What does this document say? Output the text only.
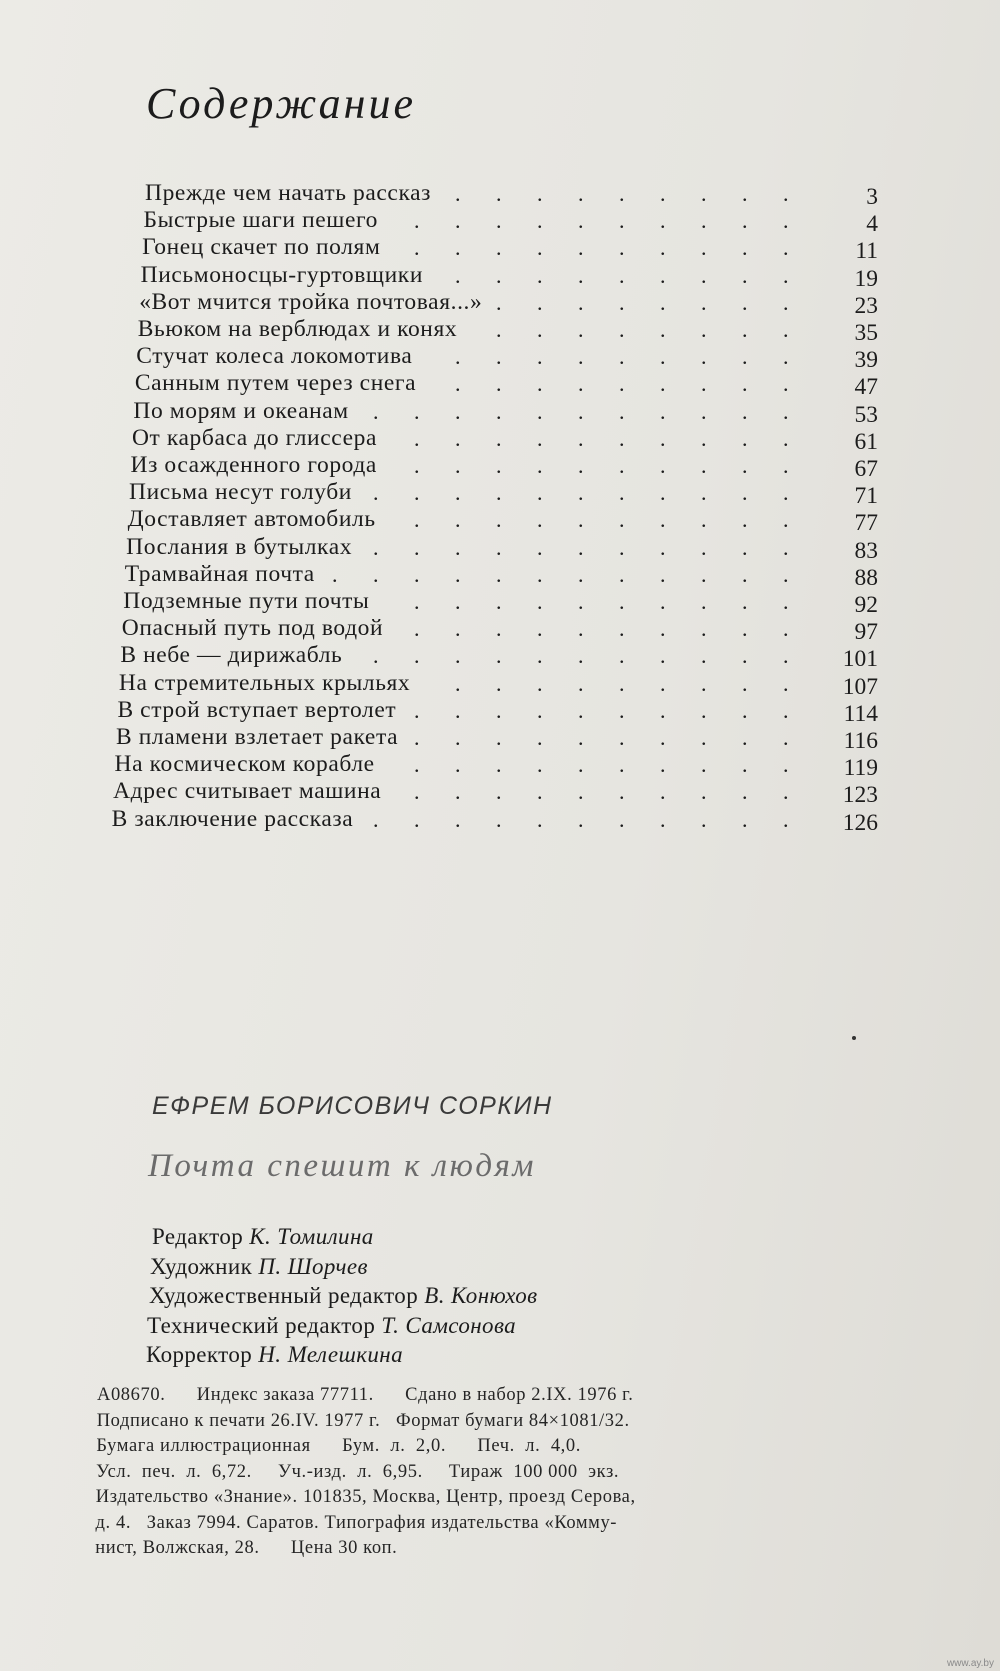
Содержание
Прежде чем начать рассказ . . . . . . . . .	3
Быстрые шаги пешего . . . . . . . . . .	4
Гонец скачет по полям . . . . . . . . . .	11
Письмоносцы-гуртовщики . . . . . . . . .	19
«Вот мчится тройка почтовая...» . . . . . . . .	23
Вьюком на верблюдах и конях . . . . . . . .	35
Стучат колеса локомотива . . . . . . . . .	39
Санным путем через снега . . . . . . . . .	47
По морям и океанам . . . . . . . . . . .	53
От карбаса до глиссера . . . . . . . . . .	61
Из осажденного города . . . . . . . . . .	67
Письма несут голуби . . . . . . . . . . .	71
Доставляет автомобиль . . . . . . . . . .	77
Послания в бутылках . . . . . . . . . . .	83
Трамвайная почта . . . . . . . . . . . .	88
Подземные пути почты . . . . . . . . . .	92
Опасный путь под водой . . . . . . . . . .	97
В небе — дирижабль . . . . . . . . . . .	101
На стремительных крыльях . . . . . . . . .	107
В строй вступает вертолет . . . . . . . . . .	114
В пламени взлетает ракета . . . . . . . . . .	116
На космическом корабле . . . . . . . . . .	119
Адрес считывает машина . . . . . . . . . .	123
В заключение рассказа . . . . . . . . . . .	126
ЕФРЕМ БОРИСОВИЧ СОРКИН
Почта спешит к людям
Редактор К. Томилина
Художник П. Шорчев
Художественный редактор В. Конюхов
Технический редактор Т. Самсонова
Корректор Н. Мелешкина
А08670.      Индекс заказа 77711.      Сдано в набор 2.IX. 1976 г.
Подписано к печати 26.IV. 1977 г.   Формат бумаги 84×1081/32.
Бумага иллюстрационная      Бум.  л.  2,0.      Печ.  л.  4,0.
Усл.  печ.  л.  6,72.     Уч.-изд.  л.  6,95.     Тираж  100 000  экз.
Издательство «Знание». 101835, Москва, Центр, проезд Серова,
д. 4.   Заказ 7994. Саратов. Типография издательства «Комму-
нист, Волжская, 28.      Цена 30 коп.
www.ay.by
